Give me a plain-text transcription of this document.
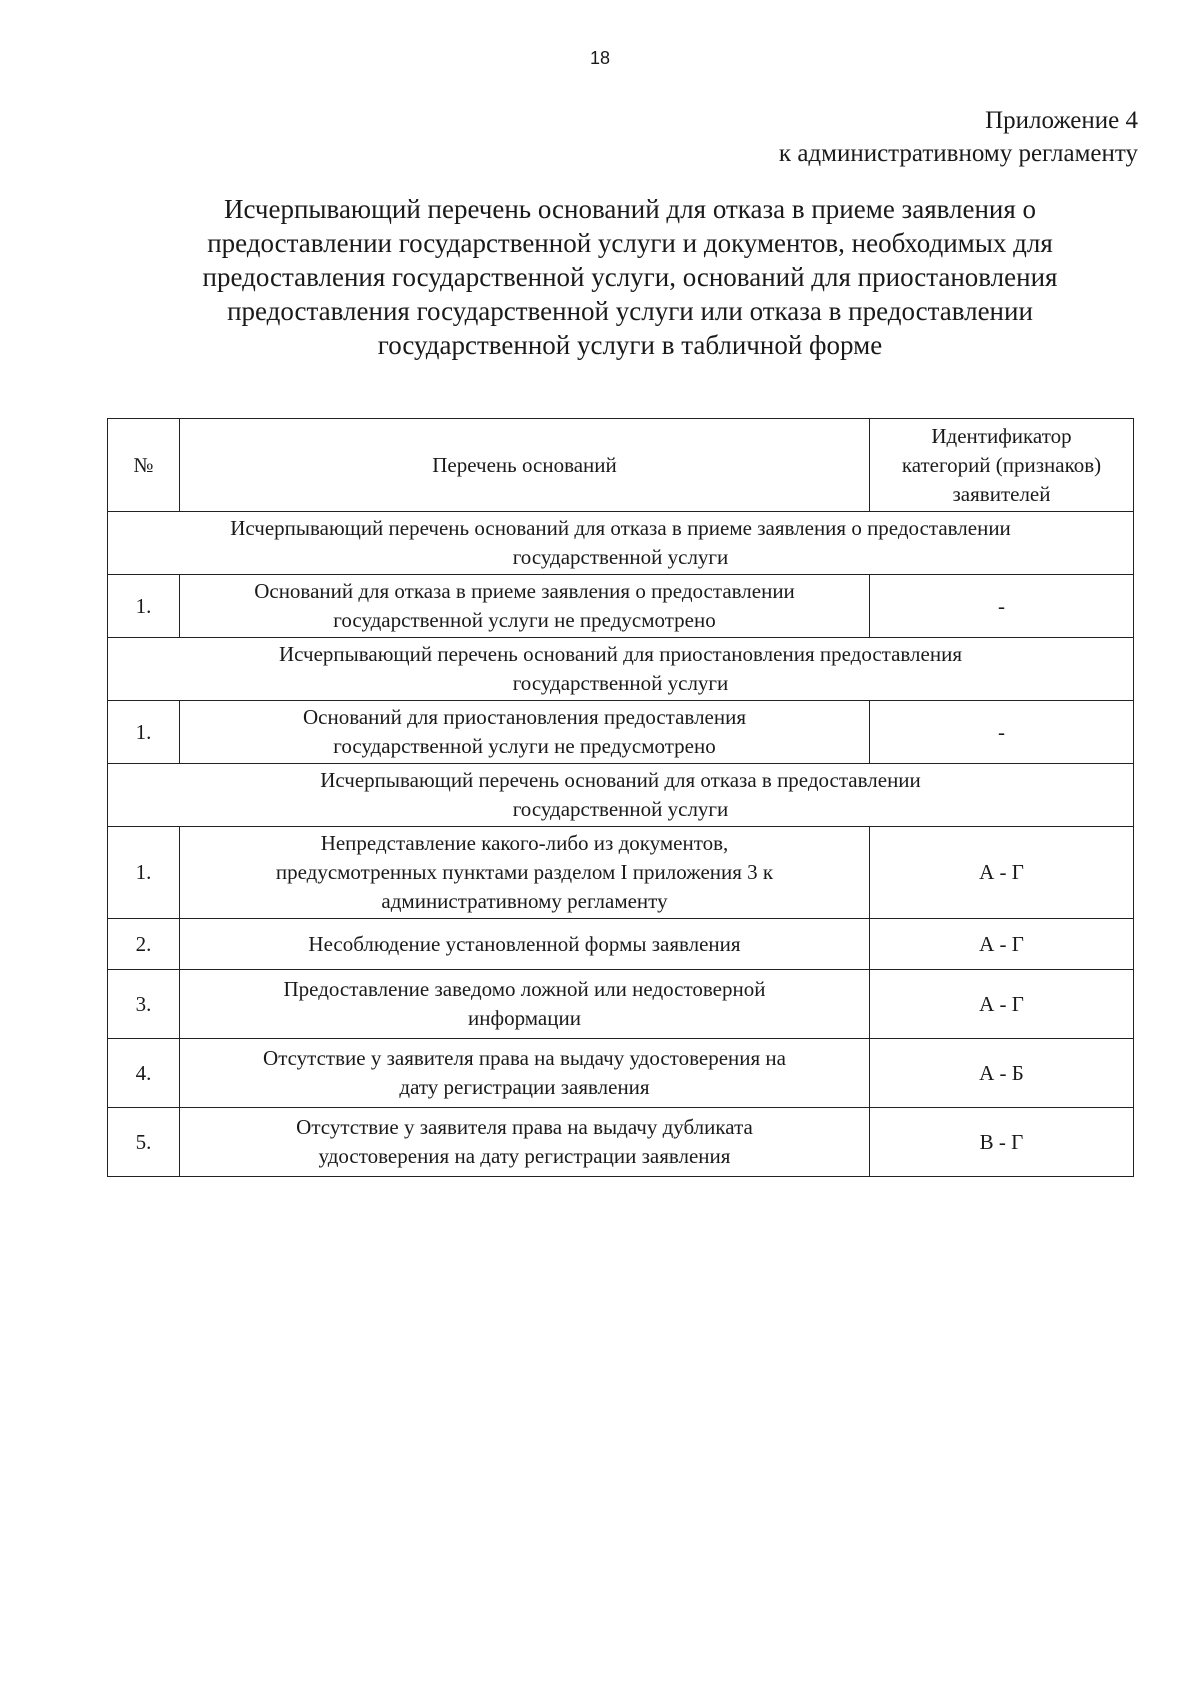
18
Приложение 4
к административному регламенту
Исчерпывающий перечень оснований для отказа в приеме заявления о
предоставлении государственной услуги и документов, необходимых для
предоставления государственной услуги, оснований для приостановления
предоставления государственной услуги или отказа в предоставлении
государственной услуги в табличной форме
№	Перечень оснований	Идентификатор
категорий (признаков)
заявителей

Исчерпывающий перечень оснований для отказа в приеме заявления о предоставлении
государственной услуги		

1.	Оснований для отказа в приеме заявления о предоставлении
государственной услуги не предусмотрено	-

Исчерпывающий перечень оснований для приостановления предоставления
государственной услуги		

1.	Оснований для приостановления предоставления
государственной услуги не предусмотрено	-

Исчерпывающий перечень оснований для отказа в предоставлении
государственной услуги		

1.	Непредставление какого-либо из документов,
предусмотренных пунктами разделом I приложения 3 к
административному регламенту	А - Г
2.	Несоблюдение установленной формы заявления	А - Г
3.	Предоставление заведомо ложной или недостоверной
информации	А - Г
4.	Отсутствие у заявителя права на выдачу удостоверения на
дату регистрации заявления	А - Б
5.	Отсутствие у заявителя права на выдачу дубликата
удостоверения на дату регистрации заявления	В - Г
